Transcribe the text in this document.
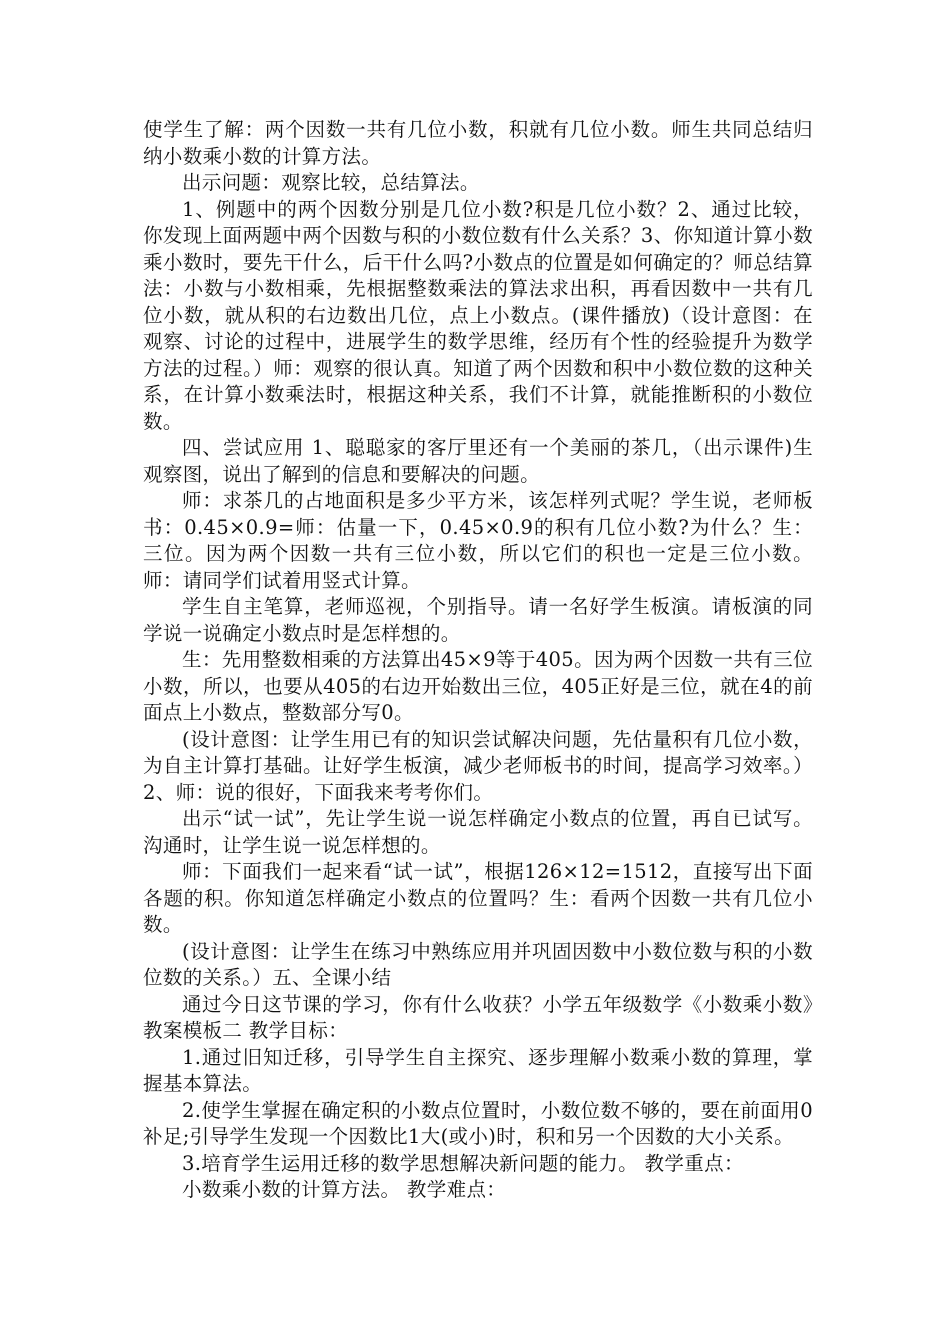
使学生了解：两个因数一共有几位小数，积就有几位小数。师生共同总结归纳小数乘小数的计算方法。

出示问题：观察比较，总结算法。

1、例题中的两个因数分别是几位小数?积是几位小数？2、通过比较，你发现上面两题中两个因数与积的小数位数有什么关系？3、你知道计算小数乘小数时，要先干什么，后干什么吗?小数点的位置是如何确定的？师总结算法：小数与小数相乘，先根据整数乘法的算法求出积，再看因数中一共有几位小数，就从积的右边数出几位，点上小数点。(课件播放)（设计意图：在观察、讨论的过程中，进展学生的数学思维，经历有个性的经验提升为数学方法的过程。）师：观察的很认真。知道了两个因数和积中小数位数的这种关系，在计算小数乘法时，根据这种关系，我们不计算，就能推断积的小数位数。

四、尝试应用 1、聪聪家的客厅里还有一个美丽的茶几，（出示课件)生观察图，说出了解到的信息和要解决的问题。

师：求茶几的占地面积是多少平方米，该怎样列式呢？学生说，老师板书：0.45×0.9=师：估量一下，0.45×0.9的积有几位小数?为什么？生：三位。因为两个因数一共有三位小数，所以它们的积也一定是三位小数。 师：请同学们试着用竖式计算。

学生自主笔算，老师巡视，个别指导。请一名好学生板演。请板演的同学说一说确定小数点时是怎样想的。

生：先用整数相乘的方法算出45×9等于405。因为两个因数一共有三位小数，所以，也要从405的右边开始数出三位，405正好是三位，就在4的前面点上小数点，整数部分写0。

(设计意图：让学生用已有的知识尝试解决问题，先估量积有几位小数，为自主计算打基础。让好学生板演，减少老师板书的时间，提高学习效率。）2、师：说的很好，下面我来考考你们。

出示“试一试”，先让学生说一说怎样确定小数点的位置，再自已试写。沟通时，让学生说一说怎样想的。

师：下面我们一起来看“试一试”，根据126×12=1512，直接写出下面各题的积。你知道怎样确定小数点的位置吗？生：看两个因数一共有几位小数。

(设计意图：让学生在练习中熟练应用并巩固因数中小数位数与积的小数位数的关系。）五、全课小结

通过今日这节课的学习，你有什么收获？小学五年级数学《小数乘小数》教案模板二 教学目标：

1.通过旧知迁移，引导学生自主探究、逐步理解小数乘小数的算理，掌握基本算法。

2.使学生掌握在确定积的小数点位置时，小数位数不够的，要在前面用0补足;引导学生发现一个因数比1大(或小)时，积和另一个因数的大小关系。

3.培育学生运用迁移的数学思想解决新问题的能力。 教学重点：

小数乘小数的计算方法。 教学难点：
